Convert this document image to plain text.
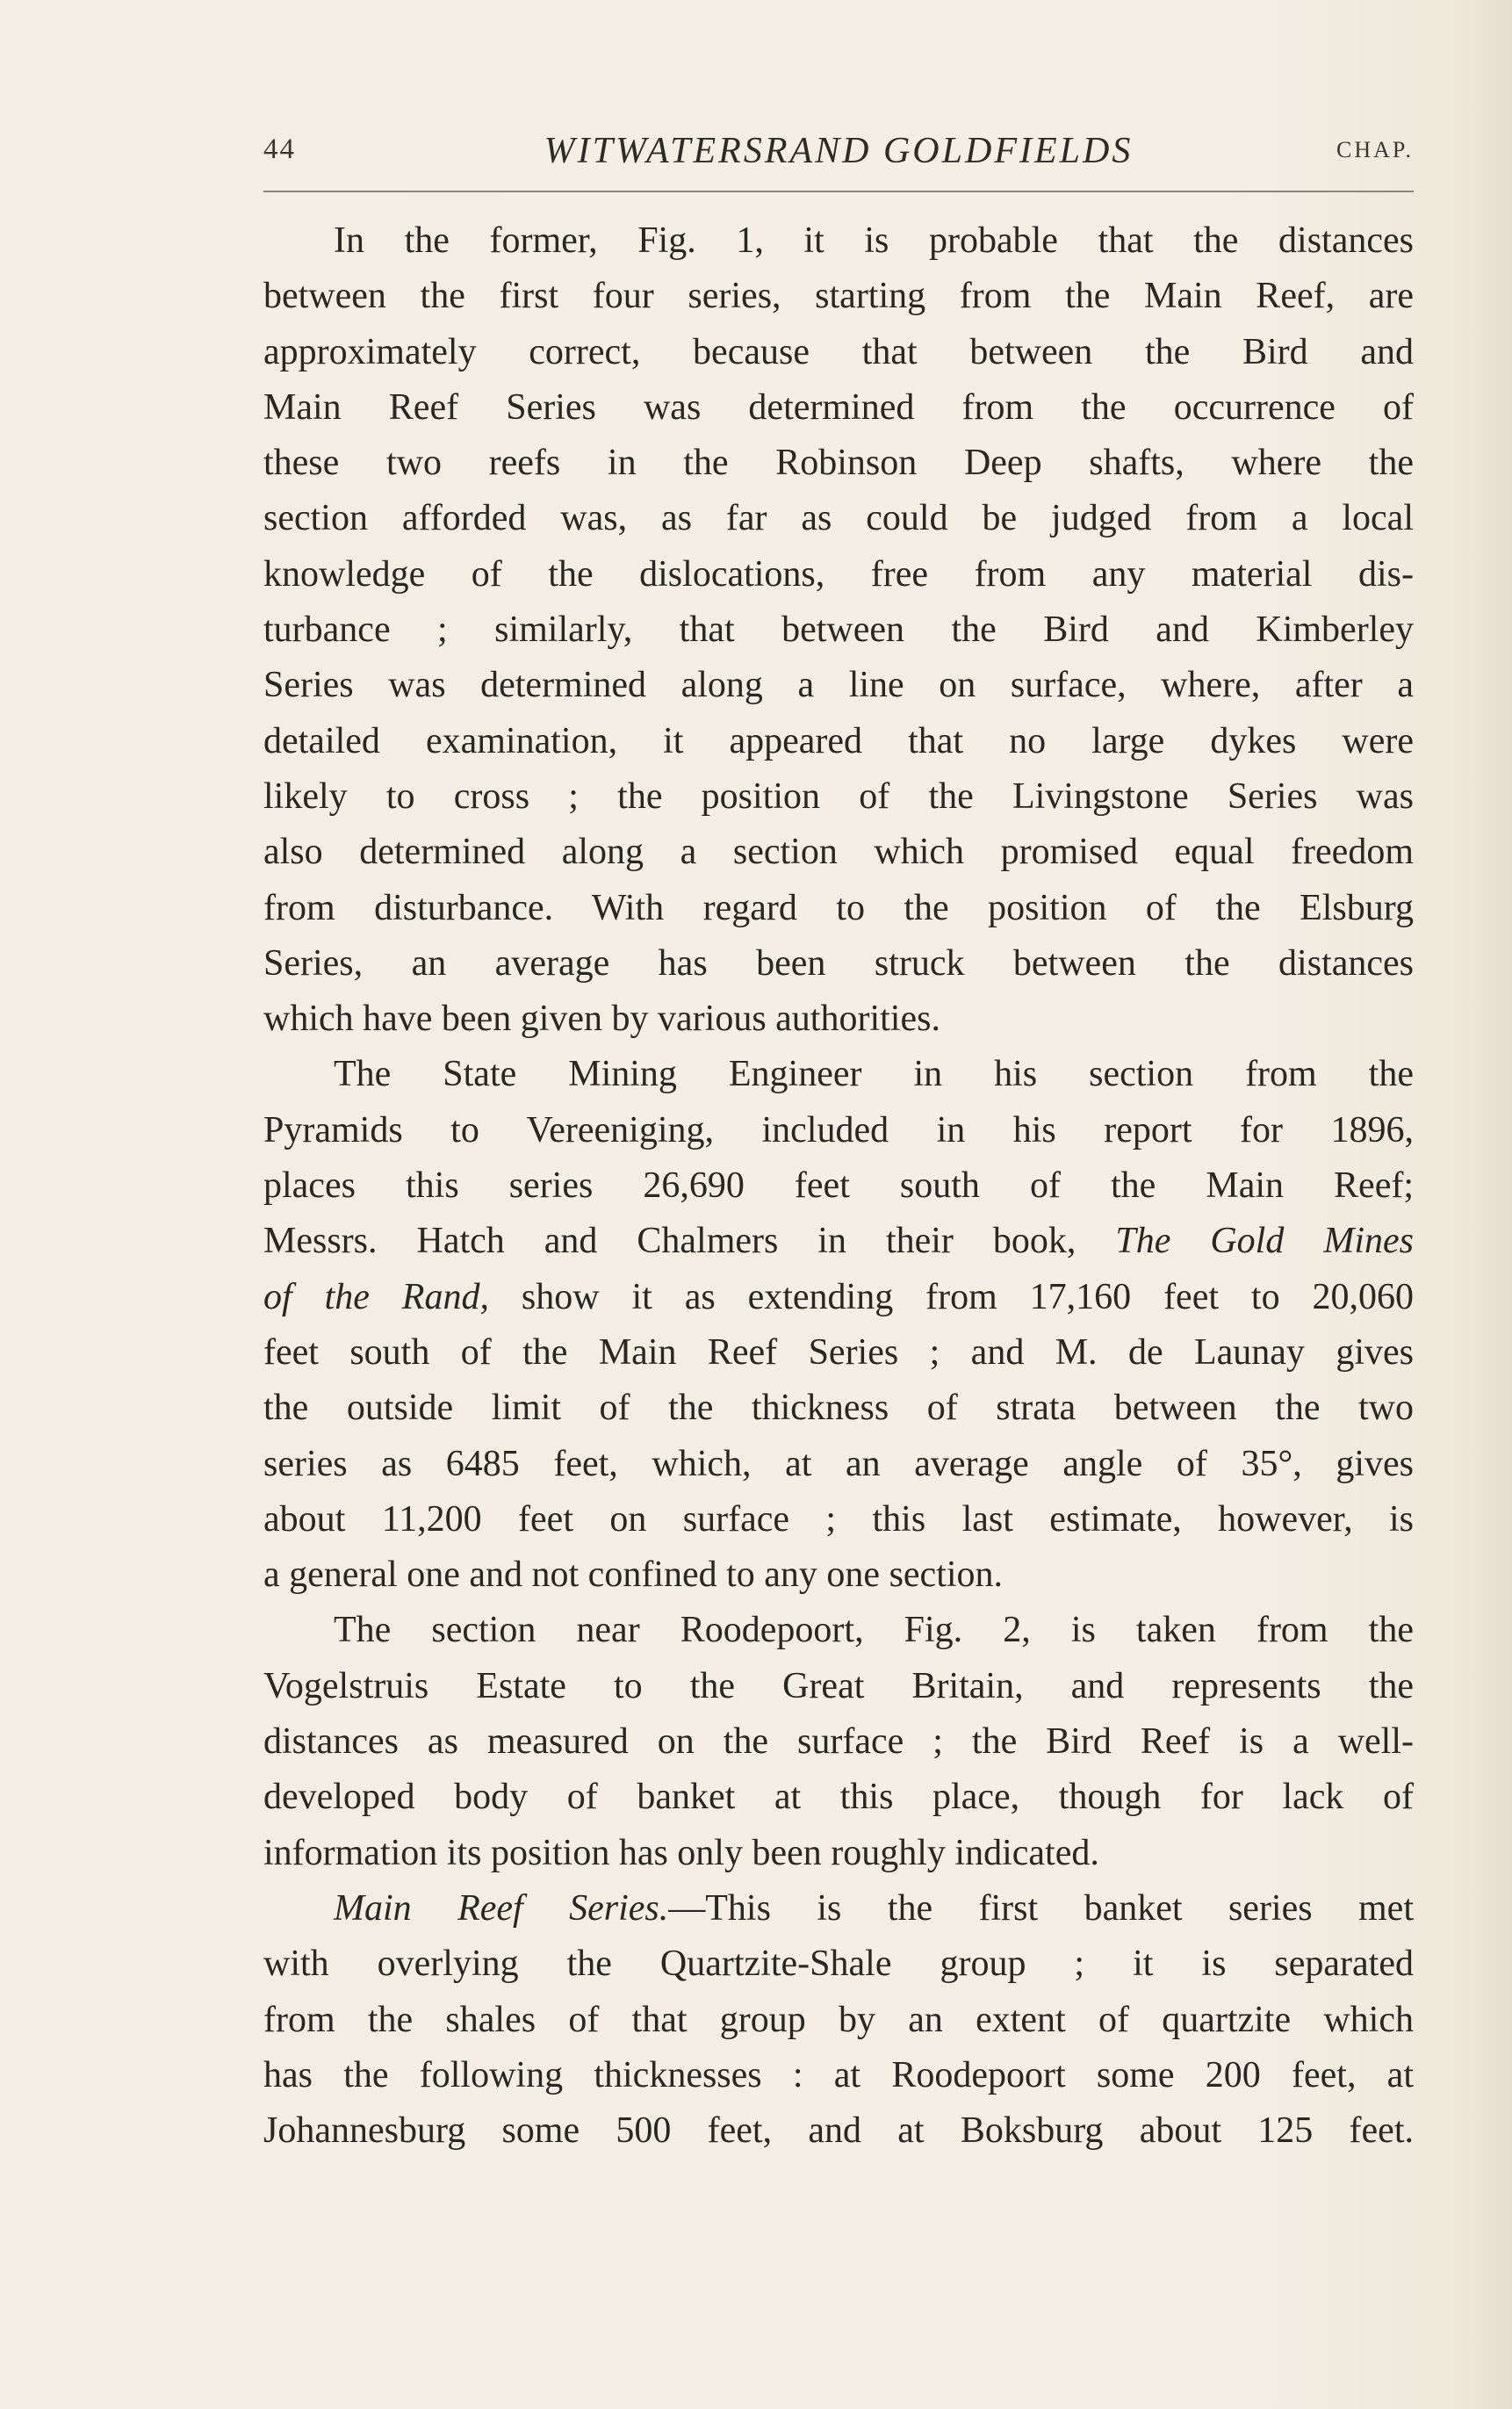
44	WITWATERSRAND GOLDFIELDS	CHAP.
In the former, Fig. 1, it is probable that the distances
between the first four series, starting from the Main Reef, are
approximately correct, because that between the Bird and
Main Reef Series was determined from the occurrence of
these two reefs in the Robinson Deep shafts, where the
section afforded was, as far as could be judged from a local
knowledge of the dislocations, free from any material dis-
turbance ; similarly, that between the Bird and Kimberley
Series was determined along a line on surface, where, after a
detailed examination, it appeared that no large dykes were
likely to cross ; the position of the Livingstone Series was
also determined along a section which promised equal freedom
from disturbance. With regard to the position of the Elsburg
Series, an average has been struck between the distances
which have been given by various authorities.
The State Mining Engineer in his section from the
Pyramids to Vereeniging, included in his report for 1896,
places this series 26,690 feet south of the Main Reef;
Messrs. Hatch and Chalmers in their book, The Gold Mines
of the Rand, show it as extending from 17,160 feet to 20,060
feet south of the Main Reef Series ; and M. de Launay gives
the outside limit of the thickness of strata between the two
series as 6485 feet, which, at an average angle of 35°, gives
about 11,200 feet on surface ; this last estimate, however, is
a general one and not confined to any one section.
The section near Roodepoort, Fig. 2, is taken from the
Vogelstruis Estate to the Great Britain, and represents the
distances as measured on the surface ; the Bird Reef is a well-
developed body of banket at this place, though for lack of
information its position has only been roughly indicated.
Main Reef Series.—This is the first banket series met
with overlying the Quartzite-Shale group ; it is separated
from the shales of that group by an extent of quartzite which
has the following thicknesses : at Roodepoort some 200 feet, at
Johannesburg some 500 feet, and at Boksburg about 125 feet.
